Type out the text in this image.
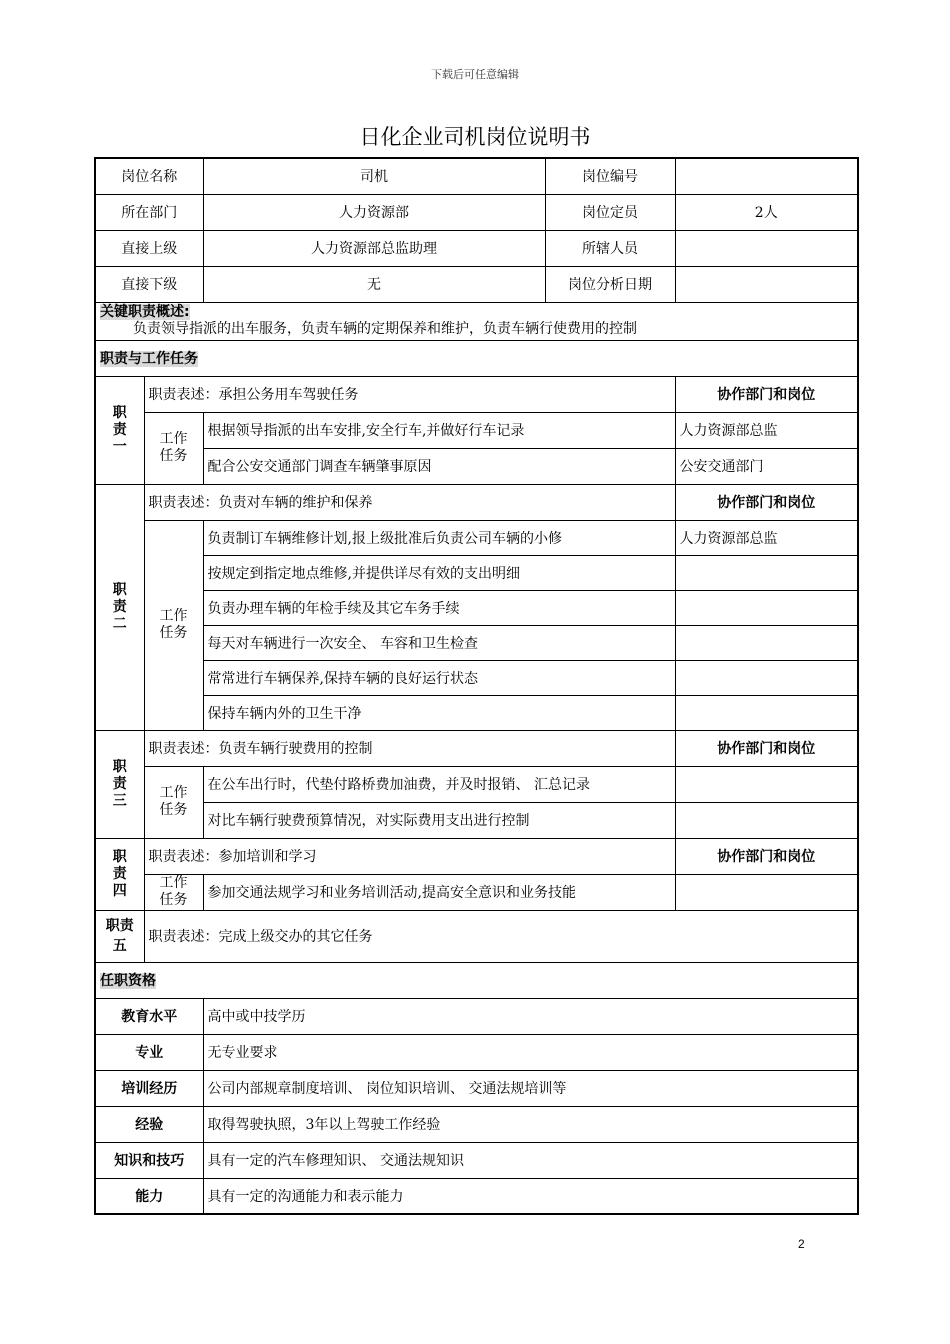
下载后可任意编辑
日化企业司机岗位说明书
岗位名称		司机	岗位编号	
所在部门		人力资源部	岗位定员	2人
直接上级		人力资源部总监助理	所辖人员	
直接下级		无	岗位分析日期	

关键职责概述:
负责领导指派的出车服务，负责车辆的定期保养和维护，负责车辆行使费用的控制				

职责与工作任务				

职
责
一	职责表述：承担公务用车驾驶任务			协作部门和岗位

	工作
任务	根据领导指派的出车安排,安全行车,并做好行车记录		人力资源部总监
		配合公安交通部门调查车辆肇事原因		公安交通部门

职
责
二	职责表述：负责对车辆的维护和保养			协作部门和岗位

	工作
任务	负责制订车辆维修计划,报上级批准后负责公司车辆的小修		人力资源部总监
		按规定到指定地点维修,并提供详尽有效的支出明细		
		负责办理车辆的年检手续及其它车务手续		
		每天对车辆进行一次安全、 车容和卫生检查		
		常常进行车辆保养,保持车辆的良好运行状态		
		保持车辆内外的卫生干净		

职
责
三	职责表述：负责车辆行驶费用的控制			协作部门和岗位

	工作
任务	在公车出行时，代垫付路桥费加油费，并及时报销、 汇总记录		
		对比车辆行驶费预算情况，对实际费用支出进行控制		

职
责
四	职责表述：参加培训和学习			协作部门和岗位

	工作
任务	参加交通法规学习和业务培训活动,提高安全意识和业务技能		

职责
五	职责表述：完成上级交办的其它任务			
任职资格				
教育水平		高中或中技学历		
专业		无专业要求		
培训经历		公司内部规章制度培训、 岗位知识培训、 交通法规培训等		
经验		取得驾驶执照，3年以上驾驶工作经验		
知识和技巧		具有一定的汽车修理知识、 交通法规知识		
能力		具有一定的沟通能力和表示能力		
2
